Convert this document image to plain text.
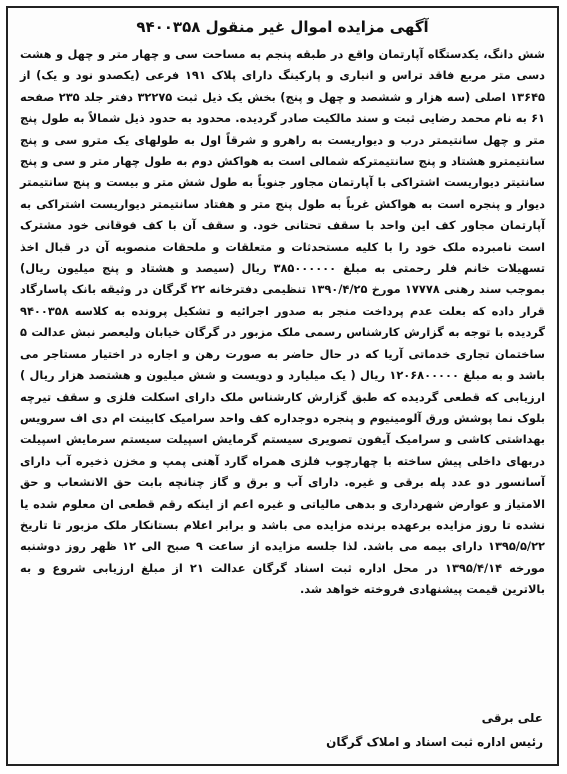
آگهی مزایده اموال غیر منقول ۹۴۰۰۳۵۸

شش دانگ، یکدستگاه آپارتمان واقع در طبقه پنجم به مساحت سی و چهار متر و چهل و هشت دسی متر مربع فاقد تراس و انباری و پارکینگ دارای پلاک ۱۹۱ فرعی (یکصدو نود و یک) از ۱۳۶۴۵ اصلی (سه هزار و ششصد و چهل و پنج) بخش یک ذیل ثبت ۳۲۲۷۵ دفتر جلد ۲۳۵ صفحه ۶۱ به نام محمد رضایی ثبت و سند مالکیت صادر گردیده. محدود به حدود ذیل شمالاً به طول پنج متر و چهل سانتیمتر درب و دیواریست به راهرو و شرقاً اول به طولهای یک مترو سی و پنج سانتیمترو هشتاد و پنج سانتیمترکه شمالی است به هواکش دوم به طول چهار متر و سی و پنج سانتیتر دیواریست اشتراکی با آپارتمان مجاور جنوباً به طول شش متر و بیست و پنج سانتیمتر دیوار و پنجره است به هواکش غرباً به طول پنج متر و هفتاد سانتیمتر دیواریست اشتراکی به آپارتمان مجاور کف این واحد با سقف تحتانی خود. و سقف آن با کف فوقانی خود مشترک است نامبرده ملک خود را با کلیه مستحدثات و متعلقات و ملحقات منصوبه آن در قبال اخذ تسهیلات خانم فلر رحمتی به مبلغ ۳۸۵۰۰۰۰۰۰ ریال (سیصد و هشتاد و پنج میلیون ریال) بموجب سند رهنی ۱۷۷۷۸ مورخ ۱۳۹۰/۴/۲۵ تنظیمی دفترخانه ۲۲ گرگان در وثیقه بانک پاسارگاد قرار داده که بعلت عدم پرداخت منجر به صدور اجرائیه و تشکیل پرونده به کلاسه ۹۴۰۰۳۵۸ گردیده با توجه به گزارش کارشناس رسمی ملک مزبور در گرگان خیابان ولیعصر نبش عدالت ۵ ساختمان تجاری خدماتی آریا که در حال حاضر به صورت رهن و اجاره در اختیار مستاجر می باشد و به مبلغ ۱۲۰۶۸۰۰۰۰۰ ریال ( یک میلیارد و دویست و شش میلیون و هشتصد هزار ریال ) ارزیابی که قطعی گردیده که طبق گزارش کارشناس ملک دارای اسکلت فلزی و سقف تیرچه بلوک نما پوشش ورق آلومینیوم و پنجره دوجداره کف واحد سرامیک کابینت ام دی اف سرویس بهداشتی کاشی و سرامیک آیفون تصویری سیستم گرمایش اسپیلت سیستم سرمایش اسپیلت دربهای داخلی پیش ساخته با چهارچوب فلزی همراه گارد آهنی پمپ و مخزن ذخیره آب دارای آسانسور دو عدد پله برقی و غیره. دارای آب و برق و گاز چنانچه بابت حق الانشعاب و حق الامتیاز و عوارض شهرداری و بدهی مالیاتی و غیره اعم از اینکه رقم قطعی ان معلوم شده یا نشده تا روز مزایده برعهده برنده مزایده می باشد و برابر اعلام بستانکار ملک مزبور تا تاریخ ۱۳۹۵/۵/۲۲ دارای بیمه می باشد. لذا جلسه مزایده از ساعت ۹ صبح الی ۱۲ ظهر روز دوشنبه مورخه ۱۳۹۵/۴/۱۴ در محل اداره ثبت اسناد گرگان عدالت ۲۱ از مبلغ ارزیابی شروع و به بالاترین قیمت پیشنهادی فروخته خواهد شد.

علی برقی
رئیس اداره ثبت اسناد و املاک گرگان
